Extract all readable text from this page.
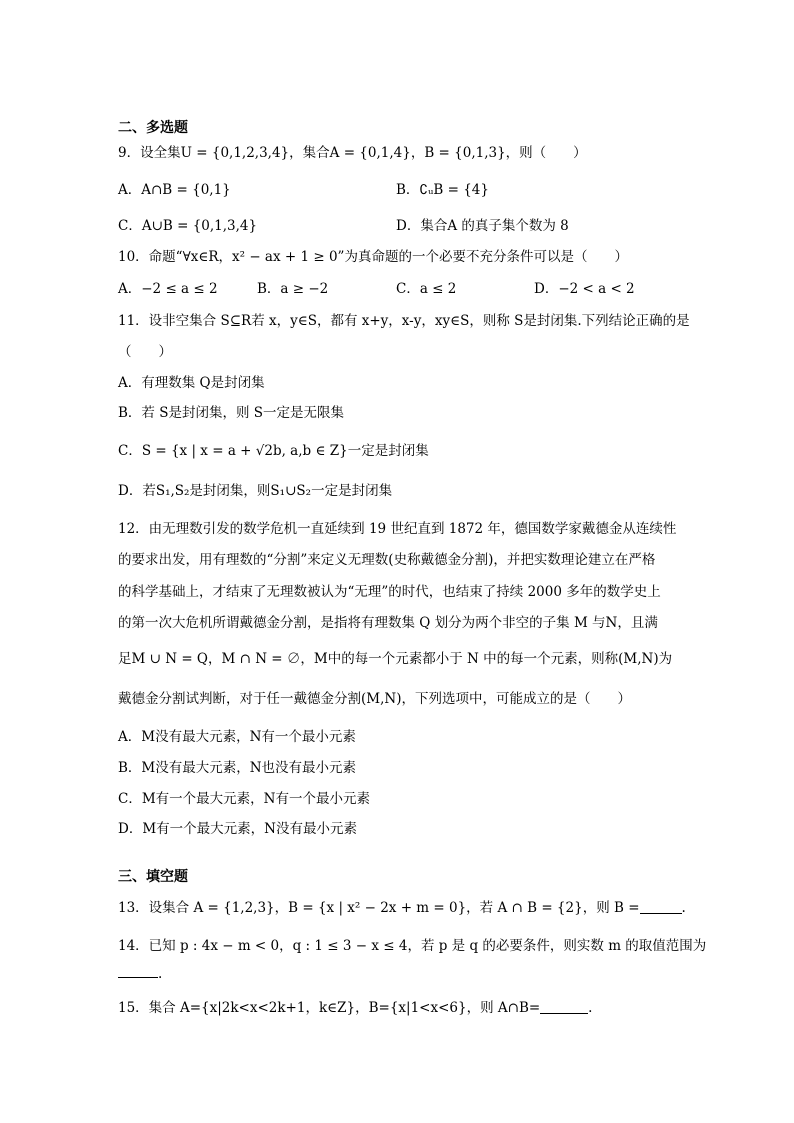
二、多选题
9．设全集U = {0,1,2,3,4}，集合A = {0,1,4}，B = {0,1,3}，则（　　）
A．A∩B = {0,1}	B．∁ᵤB = {4}
C．A∪B = {0,1,3,4}	D．集合A 的真子集个数为 8
10．命题“∀x∈R，x² − ax + 1 ≥ 0”为真命题的一个必要不充分条件可以是（　　）
A．−2 ≤ a ≤ 2	B．a ≥ −2	C．a ≤ 2	D．−2 < a < 2
11．设非空集合 S⊆R若 x，y∈S，都有 x+y，x-y，xy∈S，则称 S是封闭集.下列结论正确的是
（　　）
A．有理数集 Q是封闭集
B．若 S是封闭集，则 S一定是无限集
C．S = {x | x = a + √2b, a,b ∈ Z}一定是封闭集
D．若S₁,S₂是封闭集，则S₁∪S₂一定是封闭集
12．由无理数引发的数学危机一直延续到 19 世纪直到 1872 年，德国数学家戴德金从连续性
的要求出发，用有理数的“分割”来定义无理数(史称戴德金分割)，并把实数理论建立在严格
的科学基础上，才结束了无理数被认为“无理”的时代，也结束了持续 2000 多年的数学史上
的第一次大危机所谓戴德金分割，是指将有理数集 Q 划分为两个非空的子集 M 与N，且满
足M ∪ N = Q，M ∩ N = ∅，M中的每一个元素都小于 N 中的每一个元素，则称(M,N)为
戴德金分割试判断，对于任一戴德金分割(M,N)，下列选项中，可能成立的是（　　）
A．M没有最大元素，N有一个最小元素
B．M没有最大元素，N也没有最小元素
C．M有一个最大元素，N有一个最小元素
D．M有一个最大元素，N没有最小元素
三、填空题
13．设集合 A = {1,2,3}，B = {x | x² − 2x + m = 0}，若 A ∩ B = {2}，则 B =	.
14．已知 p : 4x − m < 0，q : 1 ≤ 3 − x ≤ 4，若 p 是 q 的必要条件，则实数 m 的取值范围为
.
15．集合 A={x|2k<x<2k+1，k∈Z}，B={x|1<x<6}，则 A∩B=	.
